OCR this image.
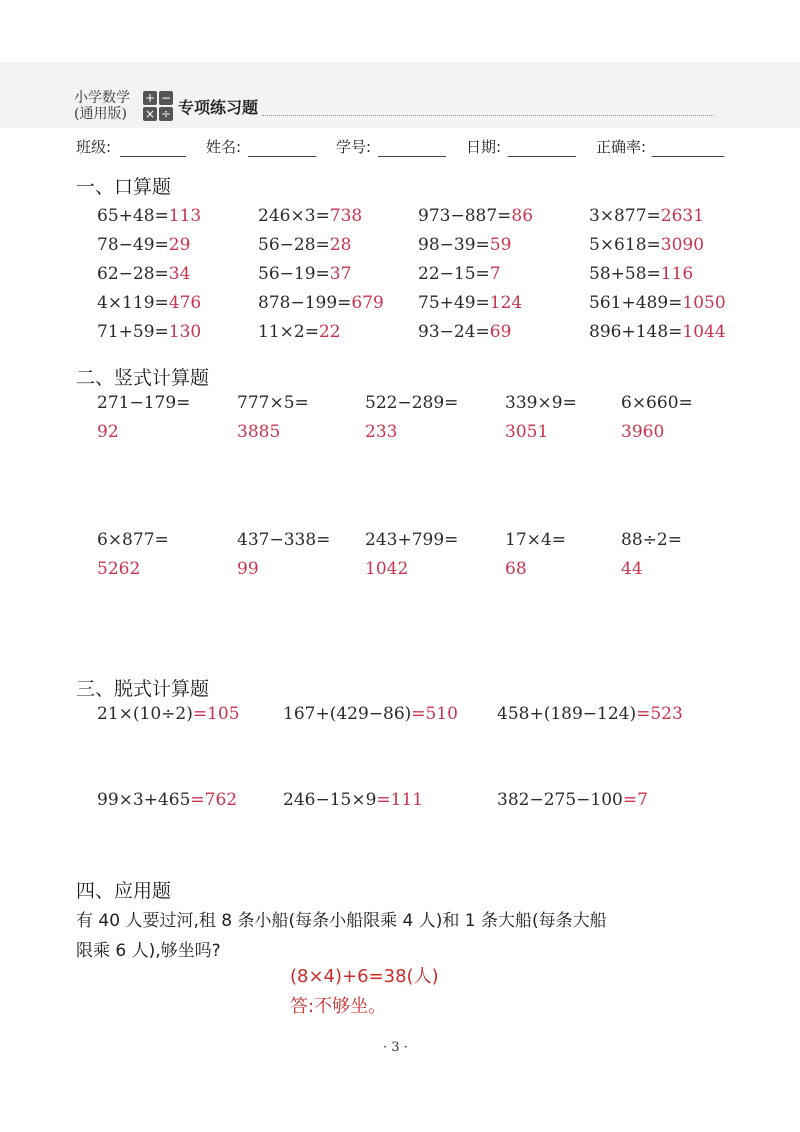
小学数学
(通用版)
+ −
× ÷ 专项练习题
班级:	姓名:	学号:	日期:	正确率:
一、口算题
65+48=113	246×3=738	973−887=86	3×877=2631
78−49=29	56−28=28	98−39=59	5×618=3090
62−28=34	56−19=37	22−15=7	58+58=116
4×119=476	878−199=679 75+49=124	561+489=1050
71+59=130	11×2=22	93−24=69	896+148=1044
二、竖式计算题
271−179=	777×5=	522−289=	339×9=	6×660=
92	3885	233	3051	3960
6×877=	437−338= 243+799=	17×4=	88÷2=
5262	99	1042	68	44
三、脱式计算题
21×(10÷2)=105	167+(429−86)=510 458+(189−124)=523
99×3+465=762	246−15×9=111	382−275−100=7
四、应用题
有 40 人要过河,租 8 条小船(每条小船限乘 4 人)和 1 条大船(每条大船
限乘 6 人),够坐吗?
(8×4)+6=38(人)
答:不够坐。
· 3 ·
